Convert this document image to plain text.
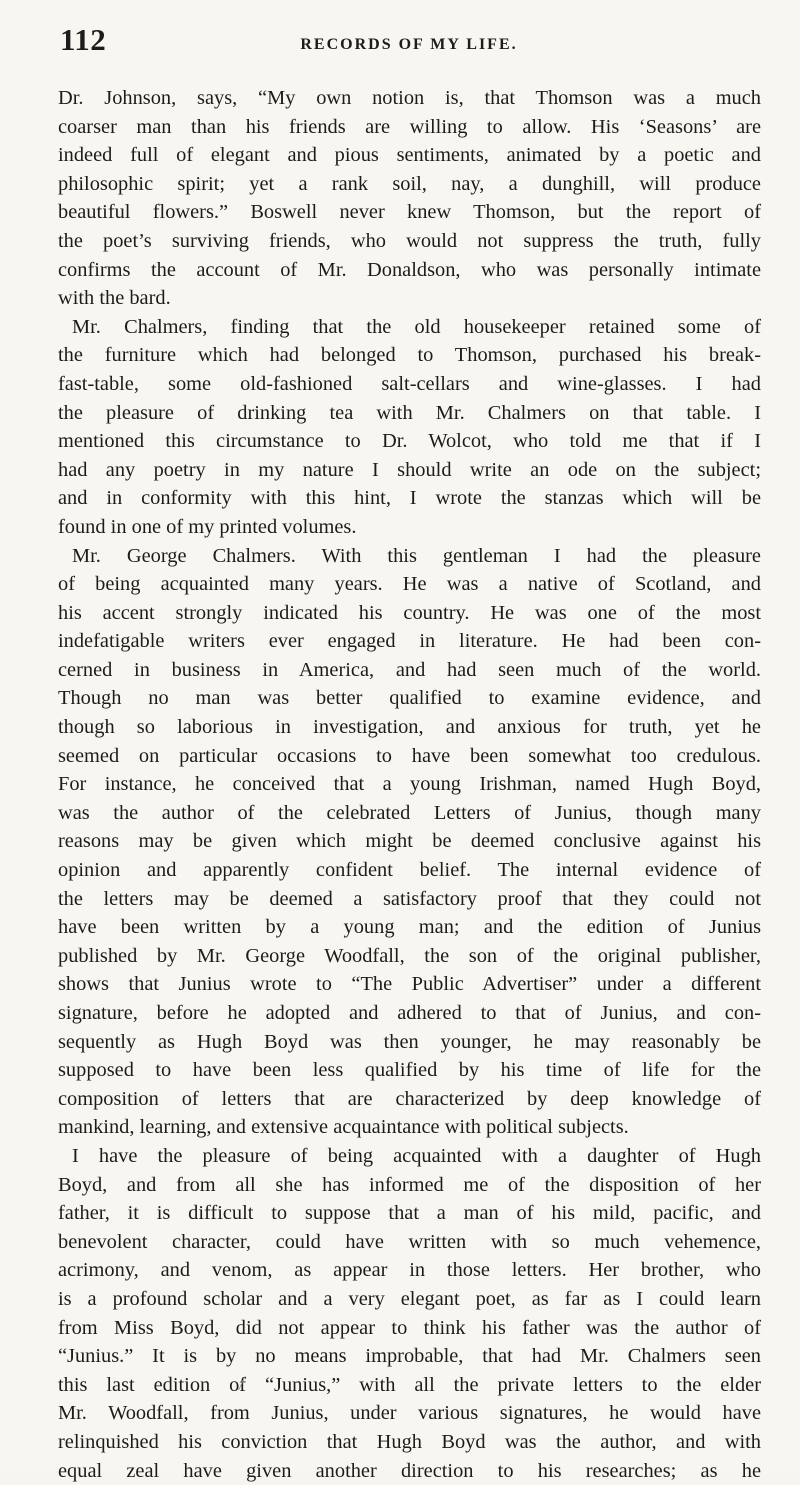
112	RECORDS OF MY LIFE.
Dr. Johnson, says, “My own notion is, that Thomson was a much
coarser man than his friends are willing to allow. His ‘Seasons’ are
indeed full of elegant and pious sentiments, animated by a poetic and
philosophic spirit; yet a rank soil, nay, a dunghill, will produce
beautiful flowers.” Boswell never knew Thomson, but the report of
the poet’s surviving friends, who would not suppress the truth, fully
confirms the account of Mr. Donaldson, who was personally intimate
with the bard.
Mr. Chalmers, finding that the old housekeeper retained some of
the furniture which had belonged to Thomson, purchased his break-
fast-table, some old-fashioned salt-cellars and wine-glasses. I had
the pleasure of drinking tea with Mr. Chalmers on that table. I
mentioned this circumstance to Dr. Wolcot, who told me that if I
had any poetry in my nature I should write an ode on the subject;
and in conformity with this hint, I wrote the stanzas which will be
found in one of my printed volumes.
Mr. George Chalmers. With this gentleman I had the pleasure
of being acquainted many years. He was a native of Scotland, and
his accent strongly indicated his country. He was one of the most
indefatigable writers ever engaged in literature. He had been con-
cerned in business in America, and had seen much of the world.
Though no man was better qualified to examine evidence, and
though so laborious in investigation, and anxious for truth, yet he
seemed on particular occasions to have been somewhat too credulous.
For instance, he conceived that a young Irishman, named Hugh Boyd,
was the author of the celebrated Letters of Junius, though many
reasons may be given which might be deemed conclusive against his
opinion and apparently confident belief. The internal evidence of
the letters may be deemed a satisfactory proof that they could not
have been written by a young man; and the edition of Junius
published by Mr. George Woodfall, the son of the original publisher,
shows that Junius wrote to “The Public Advertiser” under a different
signature, before he adopted and adhered to that of Junius, and con-
sequently as Hugh Boyd was then younger, he may reasonably be
supposed to have been less qualified by his time of life for the
composition of letters that are characterized by deep knowledge of
mankind, learning, and extensive acquaintance with political subjects.
I have the pleasure of being acquainted with a daughter of Hugh
Boyd, and from all she has informed me of the disposition of her
father, it is difficult to suppose that a man of his mild, pacific, and
benevolent character, could have written with so much vehemence,
acrimony, and venom, as appear in those letters. Her brother, who
is a profound scholar and a very elegant poet, as far as I could learn
from Miss Boyd, did not appear to think his father was the author of
“Junius.” It is by no means improbable, that had Mr. Chalmers seen
this last edition of “Junius,” with all the private letters to the elder
Mr. Woodfall, from Junius, under various signatures, he would have
relinquished his conviction that Hugh Boyd was the author, and with
equal zeal have given another direction to his researches; as he
